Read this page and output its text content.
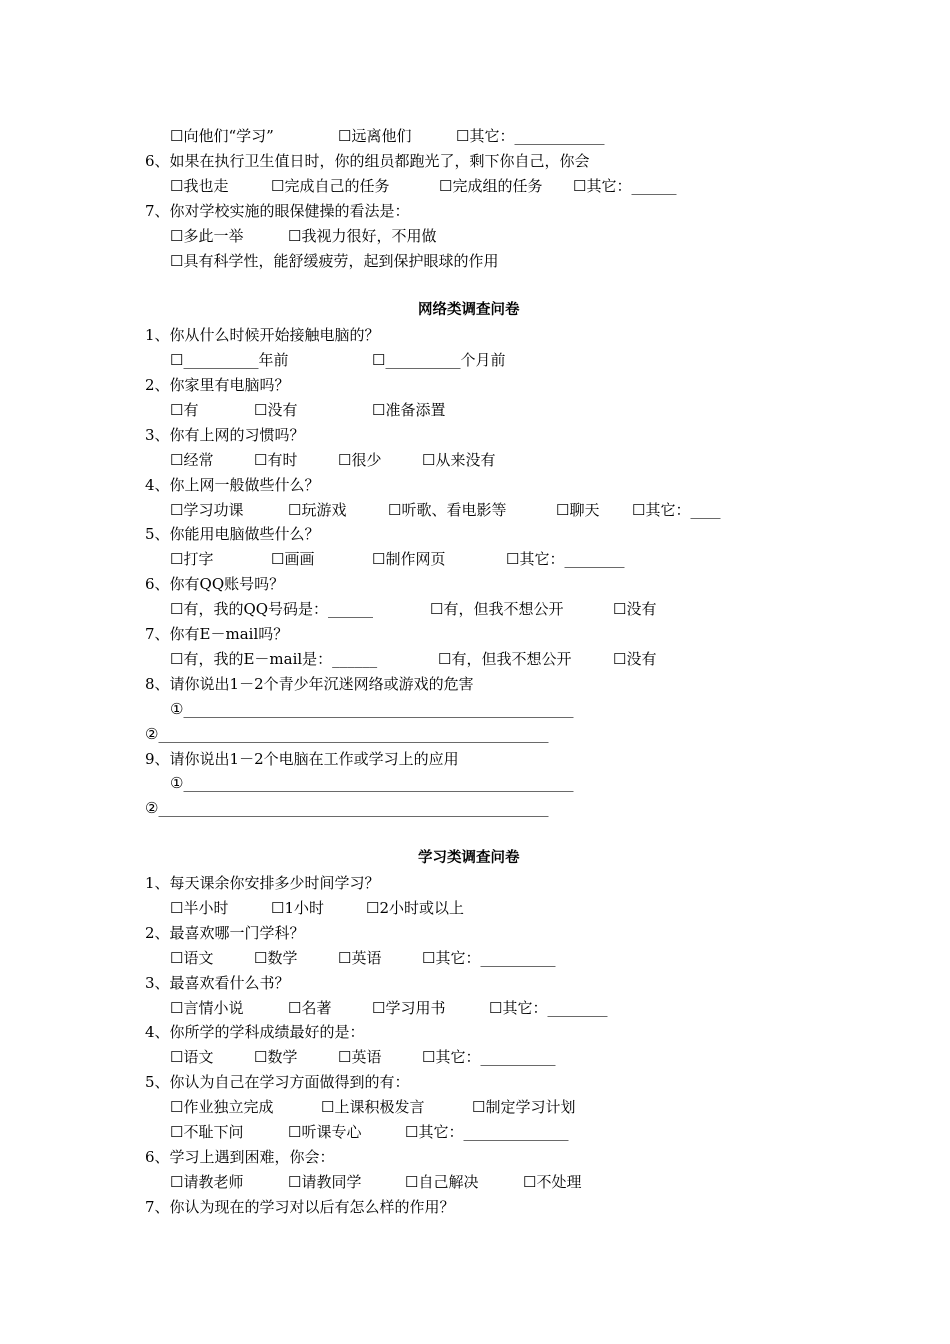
☐向他们“学习”	☐远离他们	☐其它：____________
6、如果在执行卫生值日时，你的组员都跑光了，剩下你自己，你会
☐我也走	☐完成自己的任务	☐完成组的任务 ☐其它：______
7、你对学校实施的眼保健操的看法是：
☐多此一举	☐我视力很好，不用做
☐具有科学性，能舒缓疲劳，起到保护眼球的作用
网络类调查问卷
1、你从什么时候开始接触电脑的？
☐__________年前	☐__________个月前
2、你家里有电脑吗？
☐有	☐没有	☐准备添置
3、你有上网的习惯吗？
☐经常	☐有时	☐很少	☐从来没有
4、你上网一般做些什么？
☐学习功课	☐玩游戏	☐听歌、看电影等	☐聊天 ☐其它：____
5、你能用电脑做些什么？
☐打字	☐画画	☐制作网页	☐其它：________
6、你有QQ账号吗？
☐有，我的QQ号码是：______	☐有，但我不想公开	☐没有
7、你有E－mail吗？
☐有，我的E－mail是：______	☐有，但我不想公开	☐没有
8、请你说出1－2个青少年沉迷网络或游戏的危害
①____________________________________________________
②____________________________________________________
9、请你说出1－2个电脑在工作或学习上的应用
①____________________________________________________
②____________________________________________________
学习类调查问卷
1、每天课余你安排多少时间学习？
☐半小时	☐1小时	☐2小时或以上
2、最喜欢哪一门学科？
☐语文	☐数学	☐英语	☐其它：__________
3、最喜欢看什么书？
☐言情小说	☐名著	☐学习用书	☐其它：________
4、你所学的学科成绩最好的是：
☐语文	☐数学	☐英语	☐其它：__________
5、你认为自己在学习方面做得到的有：
☐作业独立完成	☐上课积极发言	☐制定学习计划
☐不耻下问	☐听课专心	☐其它：______________
6、学习上遇到困难，你会：
☐请教老师	☐请教同学	☐自己解决	☐不处理
7、你认为现在的学习对以后有怎么样的作用？
